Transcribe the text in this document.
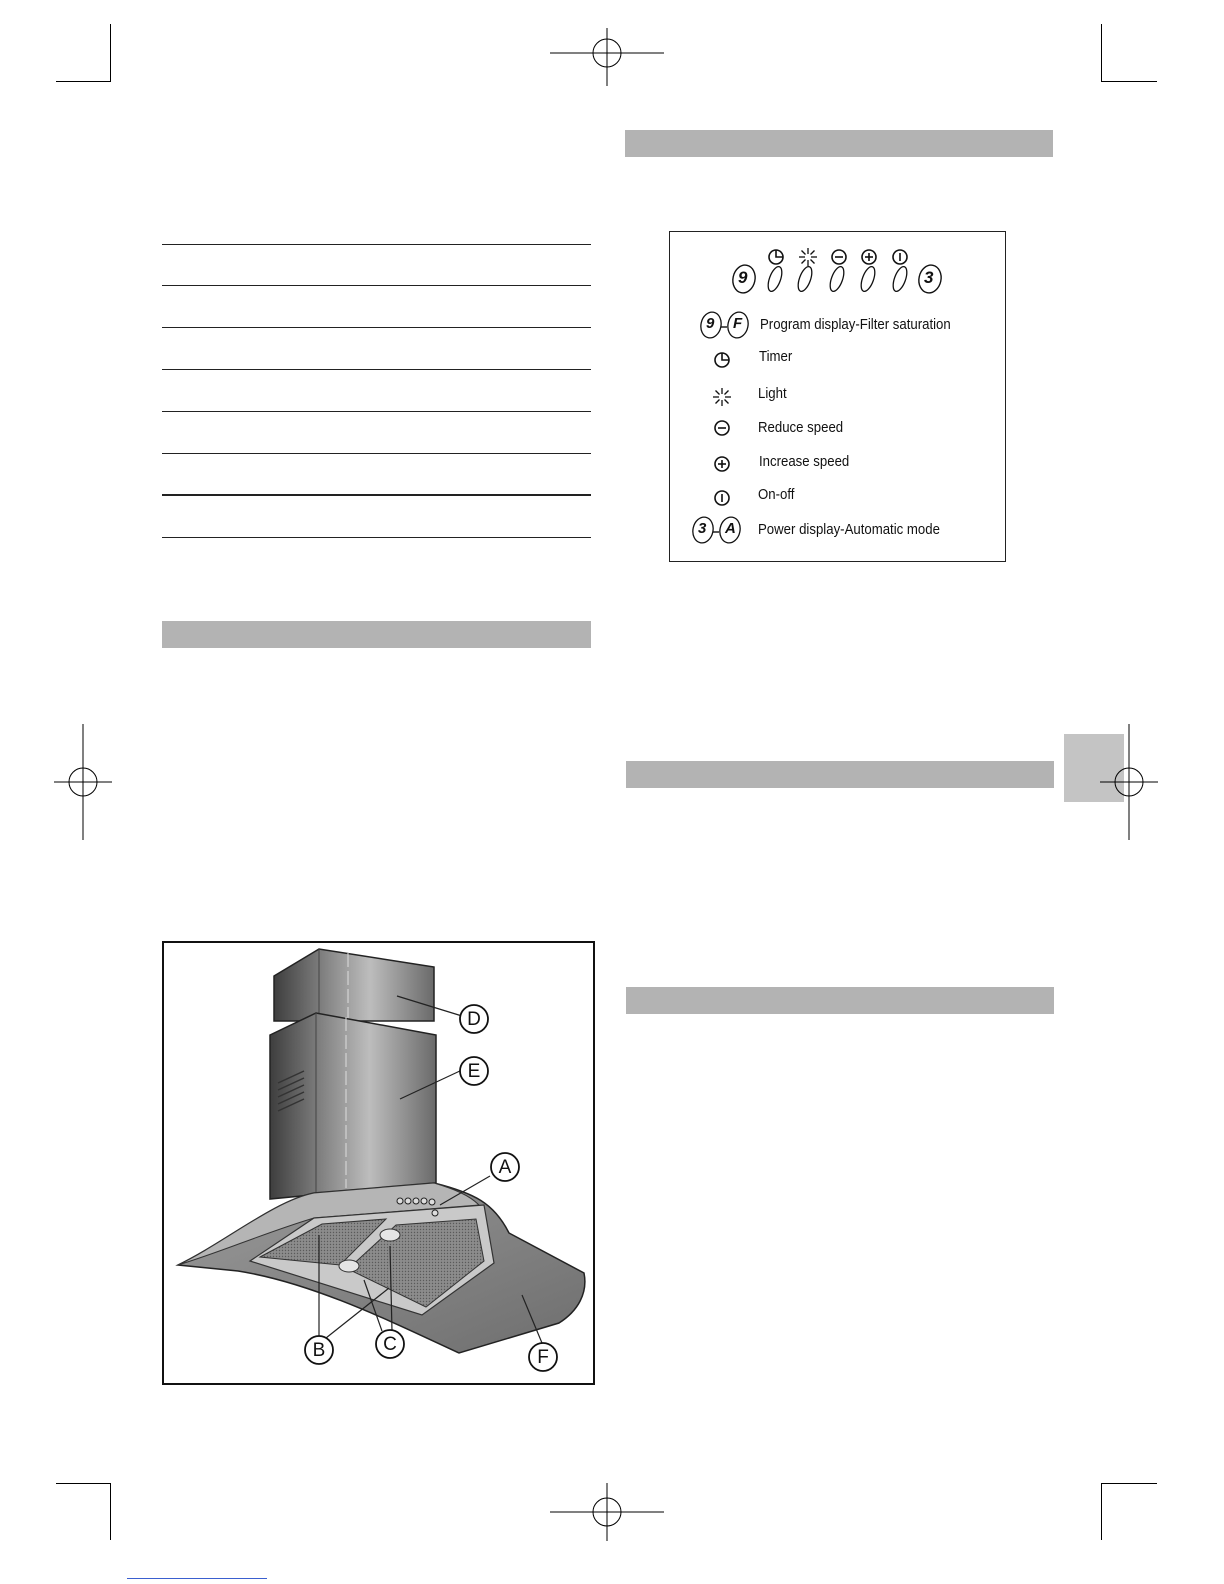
9	3
9 F Program display-Filter saturation
Timer
Light
Reduce speed
Increase speed
On-off
3 A Power display-Automatic mode
D
E
A
B	C
F
